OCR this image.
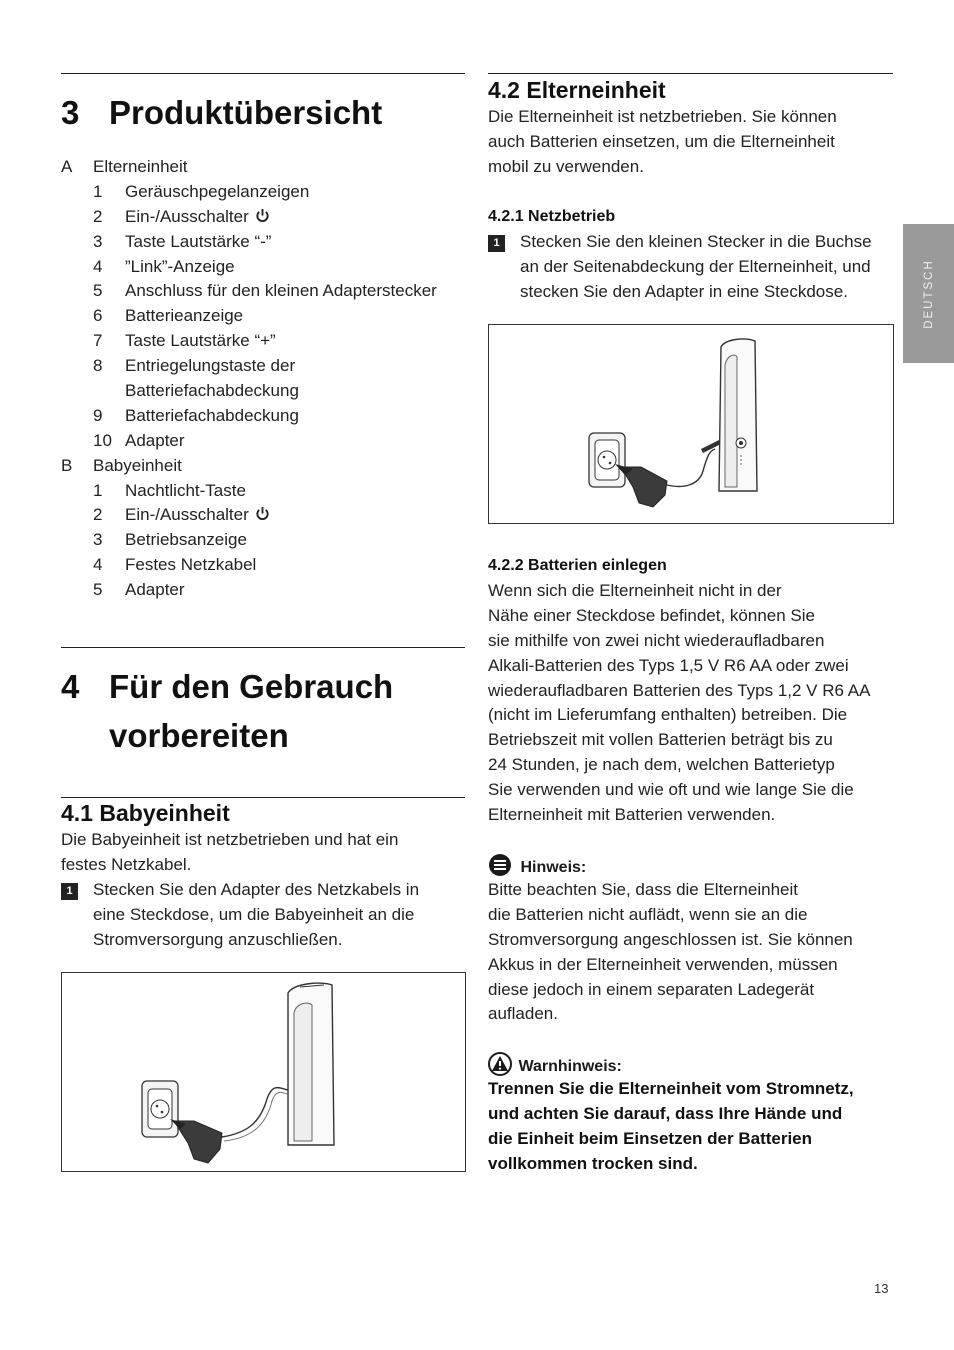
3 Produktübersicht
A Elterneinheit
1 Geräuschpegelanzeigen
2 Ein-/Ausschalter
3 Taste Lautstärke “-”
4 ”Link”-Anzeige
5 Anschluss für den kleinen Adapterstecker
6 Batterieanzeige
7 Taste Lautstärke “+”
8 Entriegelungstaste der
Batteriefachabdeckung
9 Batteriefachabdeckung
10 Adapter
B Babyeinheit
1 Nachtlicht-Taste
2 Ein-/Ausschalter
3 Betriebsanzeige
4 Festes Netzkabel
5 Adapter
4 Für den Gebrauch
vorbereiten
4.1 Babyeinheit
Die Babyeinheit ist netzbetrieben und hat ein
festes Netzkabel.
1	Stecken Sie den Adapter des Netzkabels in
eine Steckdose, um die Babyeinheit an die
Stromversorgung anzuschließen.
4.2 Elterneinheit
Die Elterneinheit ist netzbetrieben. Sie können
auch Batterien einsetzen, um die Elterneinheit
mobil zu verwenden.
4.2.1 Netzbetrieb
1	Stecken Sie den kleinen Stecker in die Buchse
an der Seitenabdeckung der Elterneinheit, und
stecken Sie den Adapter in eine Steckdose.
4.2.2 Batterien einlegen
Wenn sich die Elterneinheit nicht in der
Nähe einer Steckdose befindet, können Sie
sie mithilfe von zwei nicht wiederaufladbaren
Alkali-Batterien des Typs 1,5 V R6 AA oder zwei
wiederaufladbaren Batterien des Typs 1,2 V R6 AA
(nicht im Lieferumfang enthalten) betreiben. Die
Betriebszeit mit vollen Batterien beträgt bis zu
24 Stunden, je nach dem, welchen Batterietyp
Sie verwenden und wie oft und wie lange Sie die
Elterneinheit mit Batterien verwenden.
Hinweis:
Bitte beachten Sie, dass die Elterneinheit
die Batterien nicht auflädt, wenn sie an die
Stromversorgung angeschlossen ist. Sie können
Akkus in der Elterneinheit verwenden, müssen
diese jedoch in einem separaten Ladegerät
aufladen.
Warnhinweis:
Trennen Sie die Elterneinheit vom Stromnetz,
und achten Sie darauf, dass Ihre Hände und
die Einheit beim Einsetzen der Batterien
vollkommen trocken sind.
DEUTSCH
13
